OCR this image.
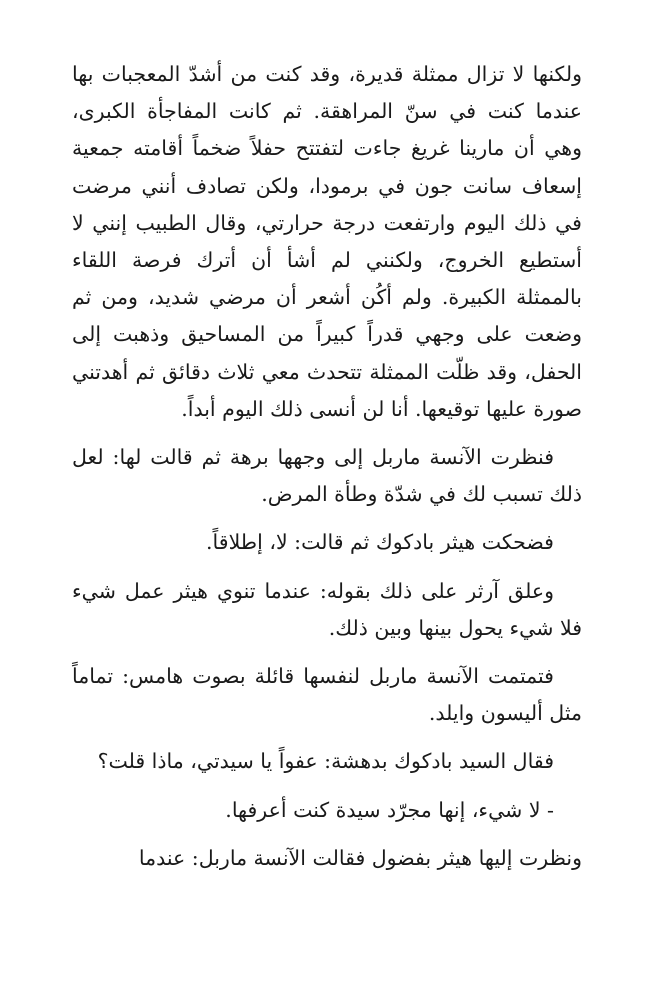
ولكنها لا تزال ممثلة قديرة، وقد كنت من أشدّ المعجبات بها عندما كنت في سنّ المراهقة. ثم كانت المفاجأة الكبرى، وهي أن مارينا غريغ جاءت لتفتتح حفلاً ضخماً أقامته جمعية إسعاف سانت جون في برمودا، ولكن تصادف أنني مرضت في ذلك اليوم وارتفعت درجة حرارتي، وقال الطبيب إنني لا أستطيع الخروج، ولكنني لم أشأ أن أترك فرصة اللقاء بالممثلة الكبيرة. ولم أكُن أشعر أن مرضي شديد، ومن ثم وضعت على وجهي قدراً كبيراً من المساحيق وذهبت إلى الحفل، وقد ظلّت الممثلة تتحدث معي ثلاث دقائق ثم أهدتني صورة عليها توقيعها. أنا لن أنسى ذلك اليوم أبداً.

فنظرت الآنسة ماربل إلى وجهها برهة ثم قالت لها: لعل ذلك تسبب لك في شدّة وطأة المرض.

فضحكت هيثر بادكوك ثم قالت: لا، إطلاقاً.

وعلق آرثر على ذلك بقوله: عندما تنوي هيثر عمل شيء فلا شيء يحول بينها وبين ذلك.

فتمتمت الآنسة ماربل لنفسها قائلة بصوت هامس: تماماً مثل أليسون وايلد.

فقال السيد بادكوك بدهشة: عفواً يا سيدتي، ماذا قلت؟

- لا شيء، إنها مجرّد سيدة كنت أعرفها.

ونظرت إليها هيثر بفضول فقالت الآنسة ماربل: عندما
